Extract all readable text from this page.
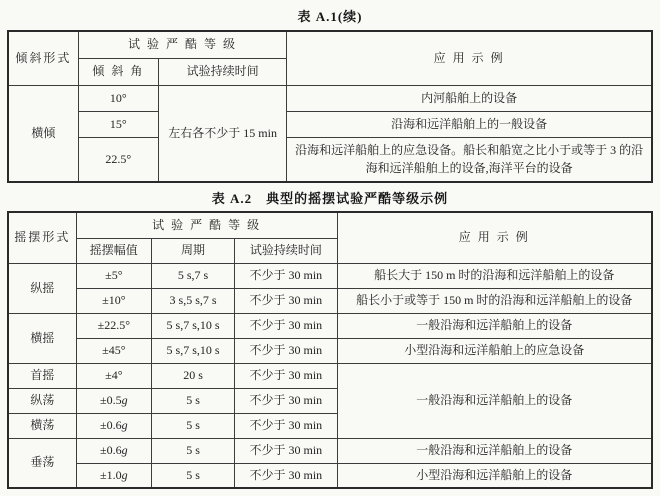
表 A.1(续)
倾斜形式	试 验 严 酷 等 级		应 用 示 例
	倾 斜 角	试验持续时间	
横倾	10°	左右各不少于 15 min	内河船舶上的设备
	15°		沿海和远洋船舶上的一般设备
	22.5°		沿海和远洋船舶上的应急设备。船长和船宽之比小于或等于 3 的沿海和远洋船舶上的设备,海洋平台的设备
表 A.2　典型的摇摆试验严酷等级示例
摇摆形式	试 验 严 酷 等 级			应 用 示 例
	摇摆幅值	周期	试验持续时间	
纵摇	±5°	5 s,7 s	不少于 30 min	船长大于 150 m 时的沿海和远洋船舶上的设备
	±10°	3 s,5 s,7 s	不少于 30 min	船长小于或等于 150 m 时的沿海和远洋船舶上的设备
横摇	±22.5°	5 s,7 s,10 s	不少于 30 min	一般沿海和远洋船舶上的设备
	±45°	5 s,7 s,10 s	不少于 30 min	小型沿海和远洋船舶上的应急设备
首摇	±4°	20 s	不少于 30 min	一般沿海和远洋船舶上的设备
纵荡	±0.5g	5 s	不少于 30 min	
横荡	±0.6g	5 s	不少于 30 min	
垂荡	±0.6g	5 s	不少于 30 min	一般沿海和远洋船舶上的设备
	±1.0g	5 s	不少于 30 min	小型沿海和远洋船舶上的设备
